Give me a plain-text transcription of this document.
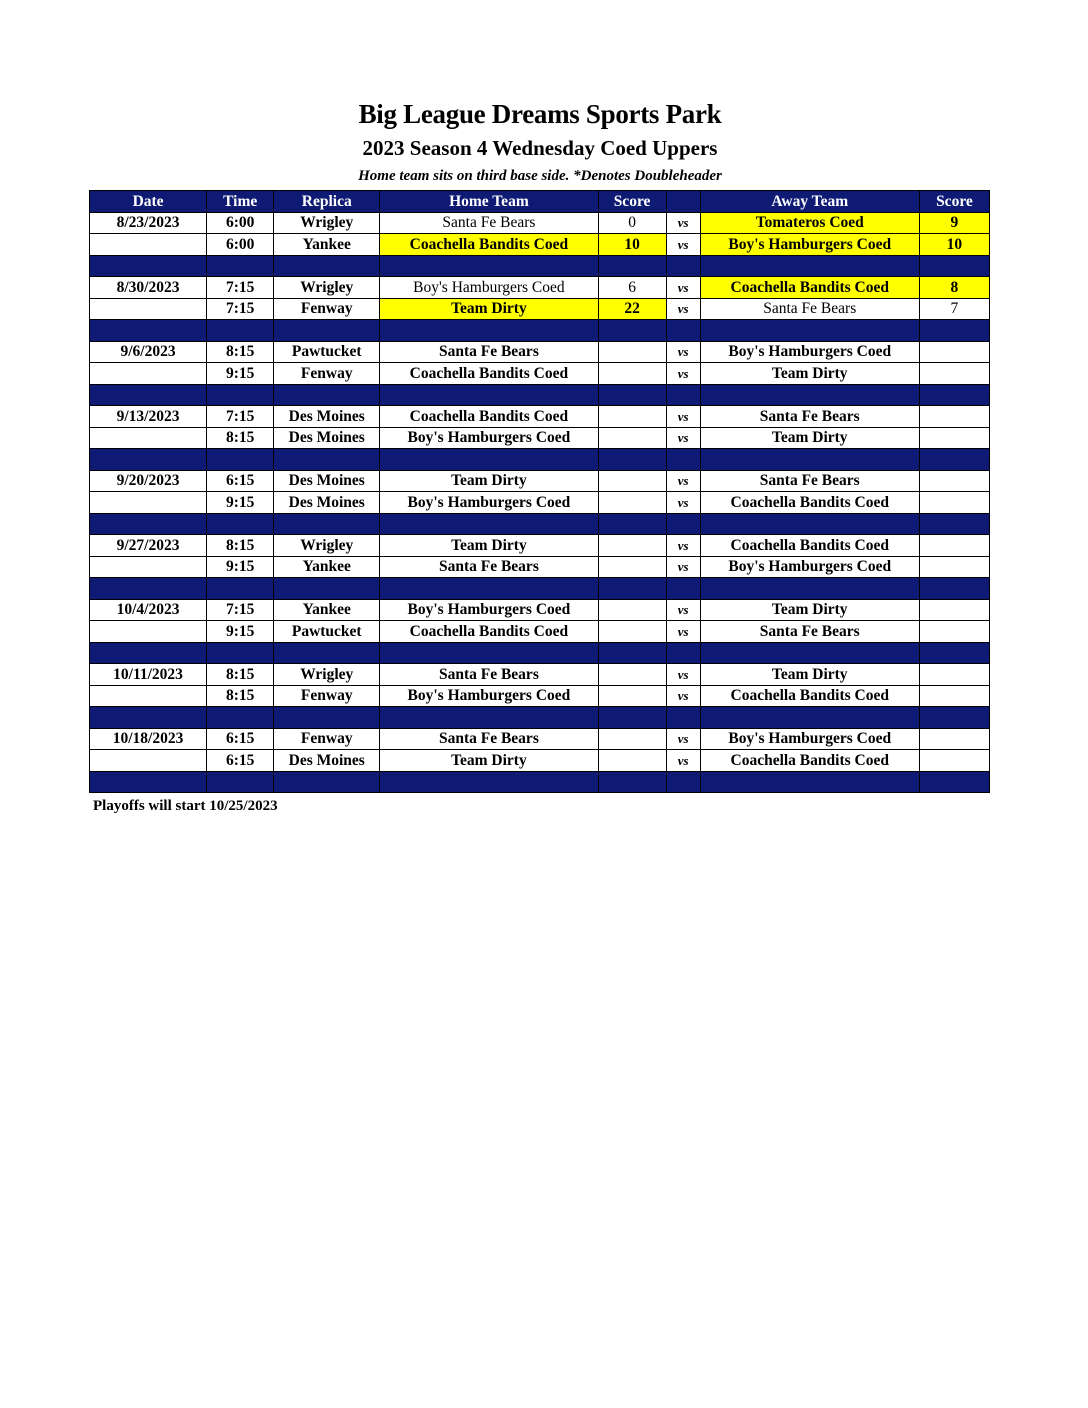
Big League Dreams Sports Park
2023 Season 4 Wednesday Coed Uppers
Home team sits on third base side. *Denotes Doubleheader
Date	Time	Replica	Home Team	Score		Away Team	Score
8/23/2023	6:00	Wrigley	Santa Fe Bears	0	vs	Tomateros Coed	9
	6:00	Yankee	Coachella Bandits Coed	10	vs	Boy's Hamburgers Coed	10

8/30/2023	7:15	Wrigley	Boy's Hamburgers Coed	6	vs	Coachella Bandits Coed	8
	7:15	Fenway	Team Dirty	22	vs	Santa Fe Bears	7

9/6/2023	8:15	Pawtucket	Santa Fe Bears		vs	Boy's Hamburgers Coed	
	9:15	Fenway	Coachella Bandits Coed		vs	Team Dirty	

9/13/2023	7:15	Des Moines	Coachella Bandits Coed		vs	Santa Fe Bears	
	8:15	Des Moines	Boy's Hamburgers Coed		vs	Team Dirty	

9/20/2023	6:15	Des Moines	Team Dirty		vs	Santa Fe Bears	
	9:15	Des Moines	Boy's Hamburgers Coed		vs	Coachella Bandits Coed	

9/27/2023	8:15	Wrigley	Team Dirty		vs	Coachella Bandits Coed	
	9:15	Yankee	Santa Fe Bears		vs	Boy's Hamburgers Coed	

10/4/2023	7:15	Yankee	Boy's Hamburgers Coed		vs	Team Dirty	
	9:15	Pawtucket	Coachella Bandits Coed		vs	Santa Fe Bears	

10/11/2023	8:15	Wrigley	Santa Fe Bears		vs	Team Dirty	
	8:15	Fenway	Boy's Hamburgers Coed		vs	Coachella Bandits Coed	

10/18/2023	6:15	Fenway	Santa Fe Bears		vs	Boy's Hamburgers Coed	
	6:15	Des Moines	Team Dirty		vs	Coachella Bandits Coed	

Playoffs will start 10/25/2023
